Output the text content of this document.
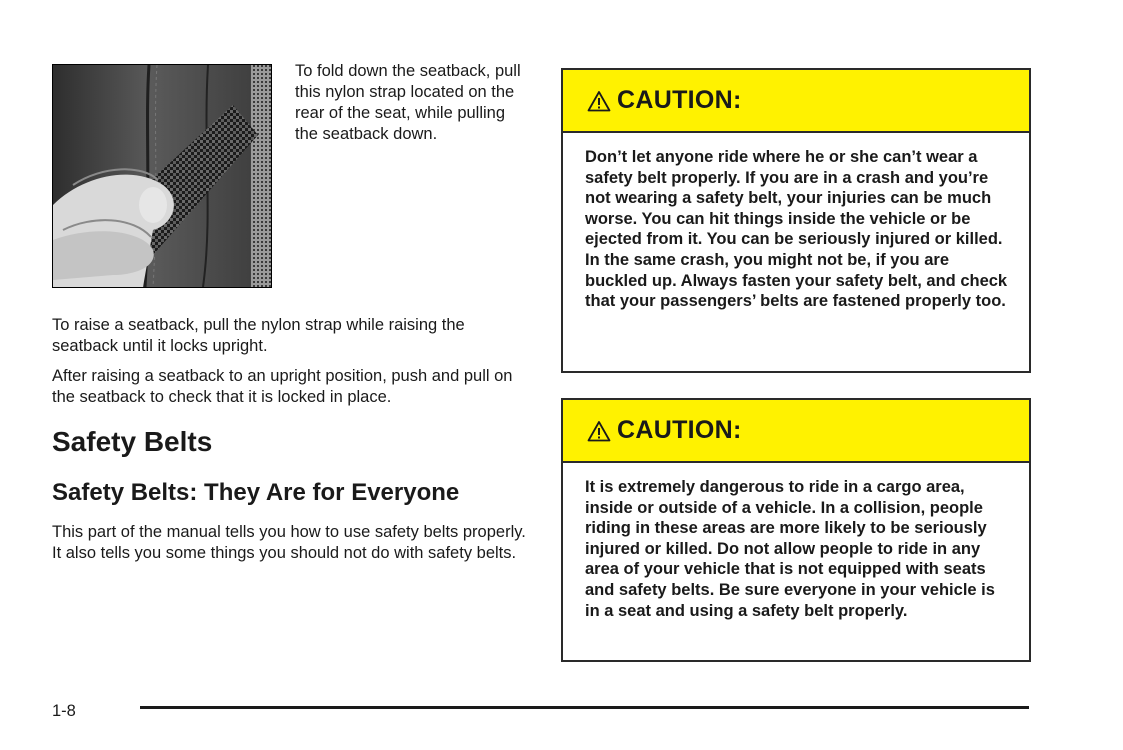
To fold down the seatback, pull this nylon strap located on the rear of the seat, while pulling the seatback down.

To raise a seatback, pull the nylon strap while raising the seatback until it locks upright.

After raising a seatback to an upright position, push and pull on the seatback to check that it is locked in place.

Safety Belts
Safety Belts: They Are for Everyone

This part of the manual tells you how to use safety belts properly. It also tells you some things you should not do with safety belts.

CAUTION:

Don’t let anyone ride where he or she can’t wear a safety belt properly. If you are in a crash and you’re not wearing a safety belt, your injuries can be much worse. You can hit things inside the vehicle or be ejected from it. You can be seriously injured or killed. In the same crash, you might not be, if you are buckled up. Always fasten your safety belt, and check that your passengers’ belts are fastened properly too.

CAUTION:

It is extremely dangerous to ride in a cargo area, inside or outside of a vehicle. In a collision, people riding in these areas are more likely to be seriously injured or killed. Do not allow people to ride in any area of your vehicle that is not equipped with seats and safety belts. Be sure everyone in your vehicle is in a seat and using a safety belt properly.

1-8
